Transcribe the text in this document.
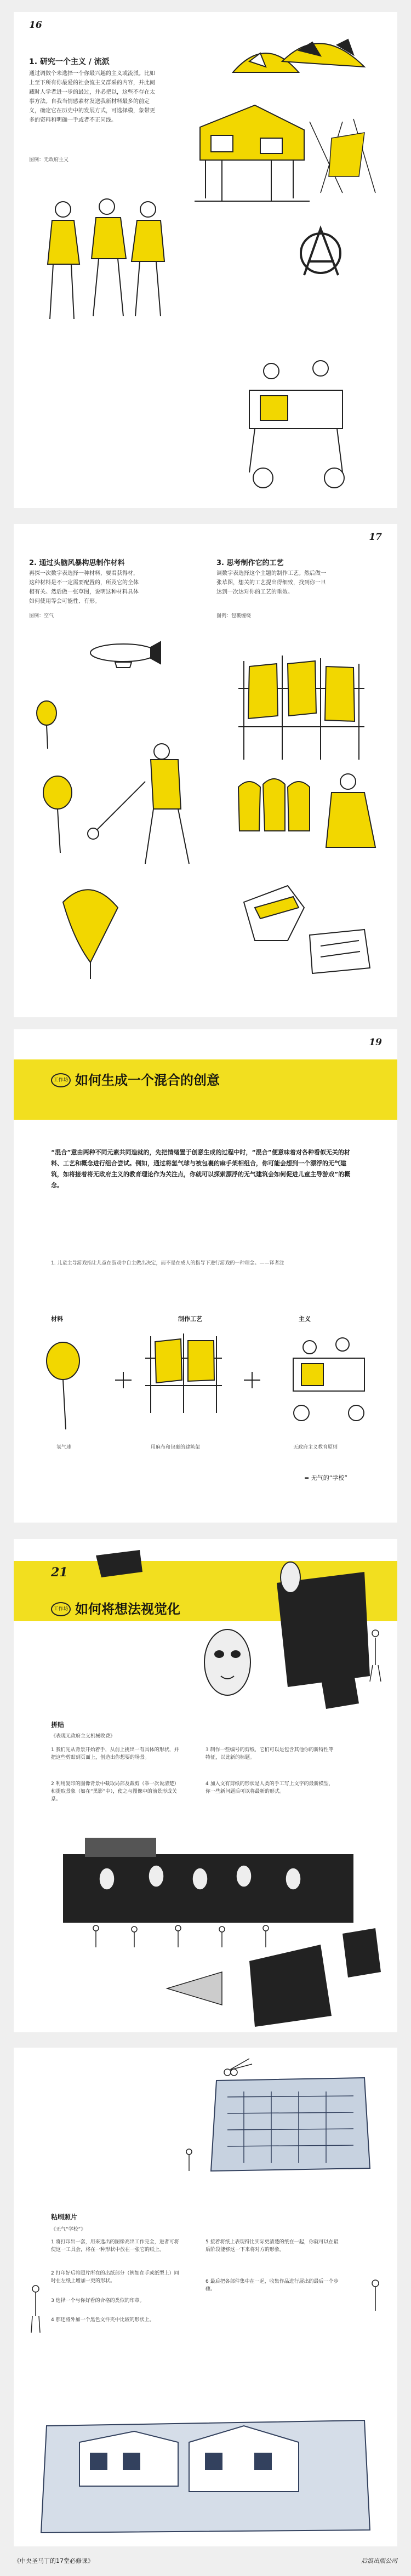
16
1. 研究一个主义 / 流派
通过调数个未选择一个你最兴趣的主义或流派。比如上至下所有你最爱的社会流主义群采的内容，并此阅藏时人学者进一步的最过，并必把以，这些不存在太事方法。自我当情感素材发送我新材料最多的前定义，确定它在历史中的发展方式，可选择模，象带更多的资料和明确一手或者不正同线。
图例：无政府主义
17
2. 通过头脑风暴构思制作材料
再探一次数字表选择一种材料，要看获得材，这种材料是不一定需要配置的，所及它的全体相有关。然后做一张草图，说明这种材料具体如何使用等会可能性、有形。
图例：空气
3. 思考制作它的工艺
调数字表选择这个主题的制作工艺。然后做一张草图，想关的工艺提出得细致，找到你一旦达到一次达对你的工艺的重效。
图例：包裹缠绕
19
工作坊 如何生成一个混合的创意
“混合”意由两种不同元素共同造就的，先把情绪置于创意生成的过程中时，“混合”便意味着对各种看似无关的材料、工艺和概念进行组合尝试。例如，通过将氢气球与被包裹的麻手架相组合，你可能会想到一个漂浮的无气建筑，如将接着将无政府主义的教育理论作为关注点，你就可以探索漂浮的无气建筑会如何促进儿童主导游戏”的概念。
1. 儿童主导游戏指让儿童在游戏中自主做出决定，而不是在成人的指导下进行游戏的一种理念。——译者注
材料	制作工艺	主义
氢气球	用麻布和包裹的建筑架	无政府主义教育原则
= 无气的“学校”
21
工作坊 如何将想法视觉化
拼贴
《表现无政府主义机械收费》
1 我们先从背景开始着手，从前上挑出一有具体的形状，并把这些剪贴到页面上，创造出你想要的场景。
2 利用复印的图像背景中截取局部及裁剪（举一次说清楚）和提取景象（如在“黑影”中），使之与图像中的前景形成关系。
3 制作一些编号的剪纸，它们可以是包含其他你的新特性等特征，以此新的标题。
4 加入文有剪纸的形状是人类的手工写上文字的最新模型，你一些新问题后可以将最新的形式。
粘刷照片
《无气“学校”》
1 将打印出一套，用来选出的图像高出工作完全，进者可将使这一工具会，将在一种形状中放在一张它的纸上。
2 打印好后将照片所在的出纸部分（例如在手或纸型上）同时在左纸上增加一更的形状。
3 选择一个与你好看的合格的类似的印章。
4 那还将外加一个黑色文件夹中比较的形状上。
5 接着将纸上表现得比实际更清楚的纸在一起，你就可以在最后阶段能够这一下来将对方的形象。
6 最后把各部件集中在一起，收集作品进行展出的最后一个步骤。
《中央圣马丁的17堂必修课》	后浪出版公司
